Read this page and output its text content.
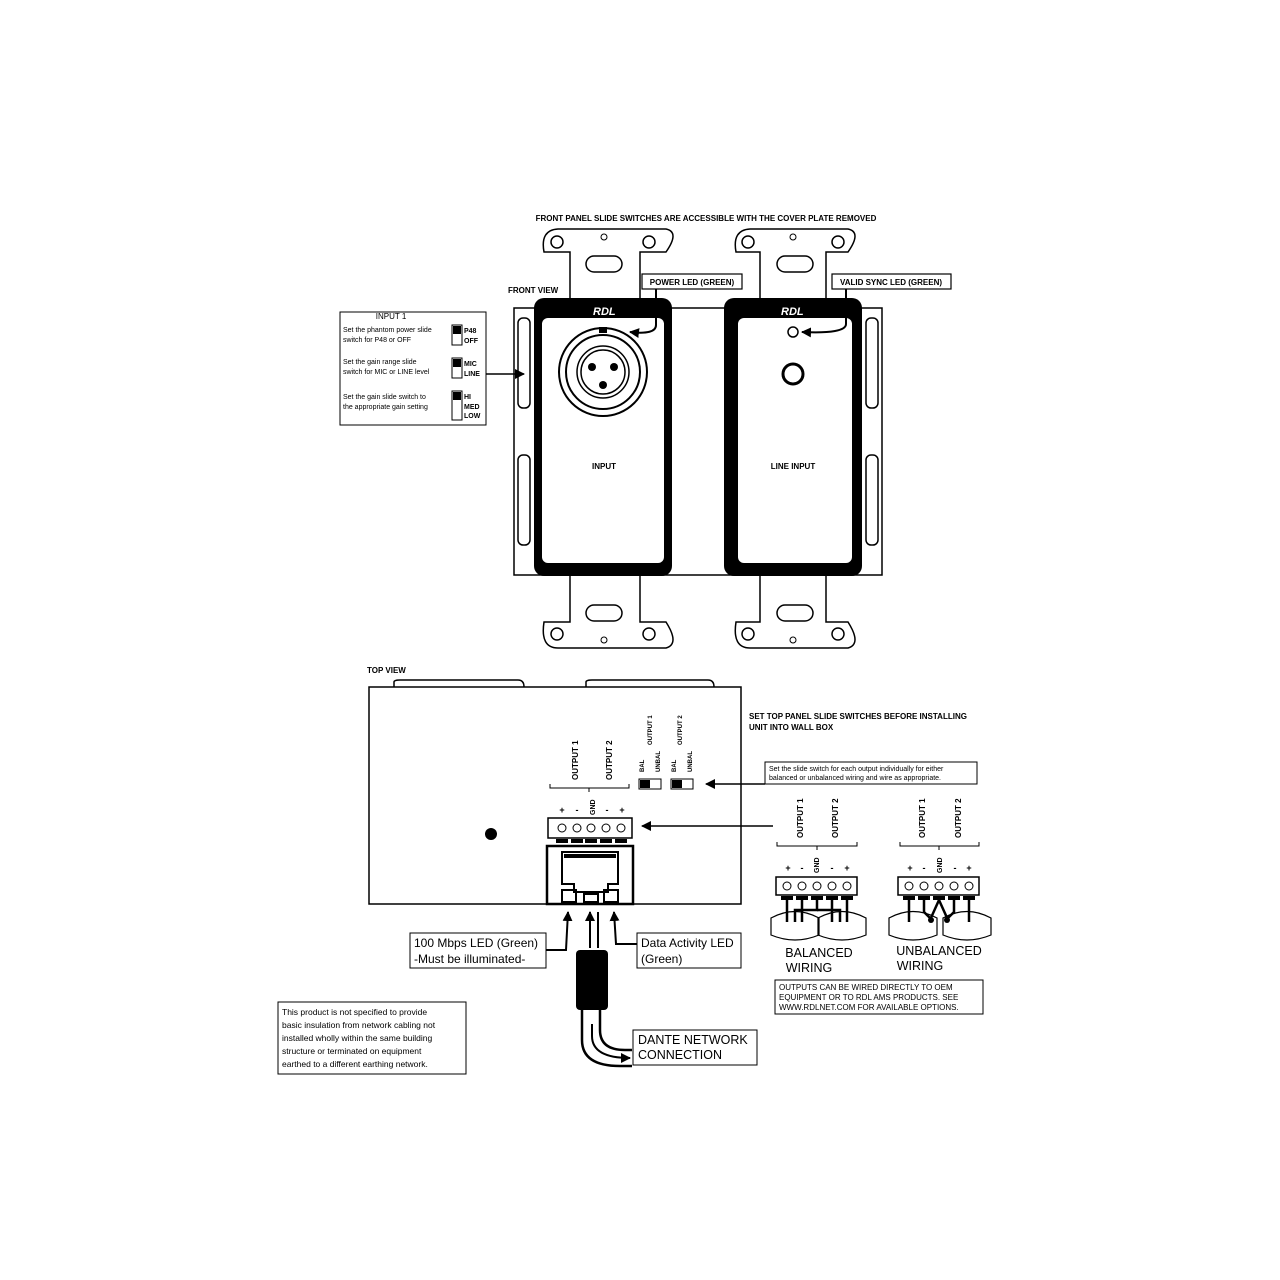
FRONT PANEL SLIDE SWITCHES ARE ACCESSIBLE WITH THE COVER PLATE REMOVED
FRONT VIEW
RDL
INPUT
RDL
LINE INPUT
POWER LED (GREEN)	VALID SYNC LED (GREEN)
INPUT 1
Set the phantom power slide
switch for P48 or OFF
P48
OFF
Set the gain range slide
switch for MIC or LINE level
MIC
LINE
Set the gain slide switch to
the appropriate gain setting
HI
MED
LOW
TOP VIEW
OUTPUT 1	OUTPUT 2
+ - GND - +
OUTPUT 1	OUTPUT 2
BAL UNBAL BAL UNBAL
SET TOP PANEL SLIDE SWITCHES BEFORE INSTALLING
UNIT INTO WALL BOX
Set the slide switch for each output individually for either
balanced or unbalanced wiring and wire as appropriate.
100 Mbps LED (Green)
-Must be illuminated-
Data Activity LED
(Green)
DANTE NETWORK
CONNECTION
OUTPUT 1	OUTPUT 2
+ - GND - +
BALANCED
WIRING
OUTPUT 1	OUTPUT 2
+ - GND - +
UNBALANCED
WIRING
OUTPUTS CAN BE WIRED DIRECTLY TO OEM
EQUIPMENT OR TO RDL AMS PRODUCTS. SEE
WWW.RDLNET.COM FOR AVAILABLE OPTIONS.
This product is not specified to provide
basic insulation from network cabling not
installed wholly within the same building
structure or terminated on equipment
earthed to a different earthing network.
